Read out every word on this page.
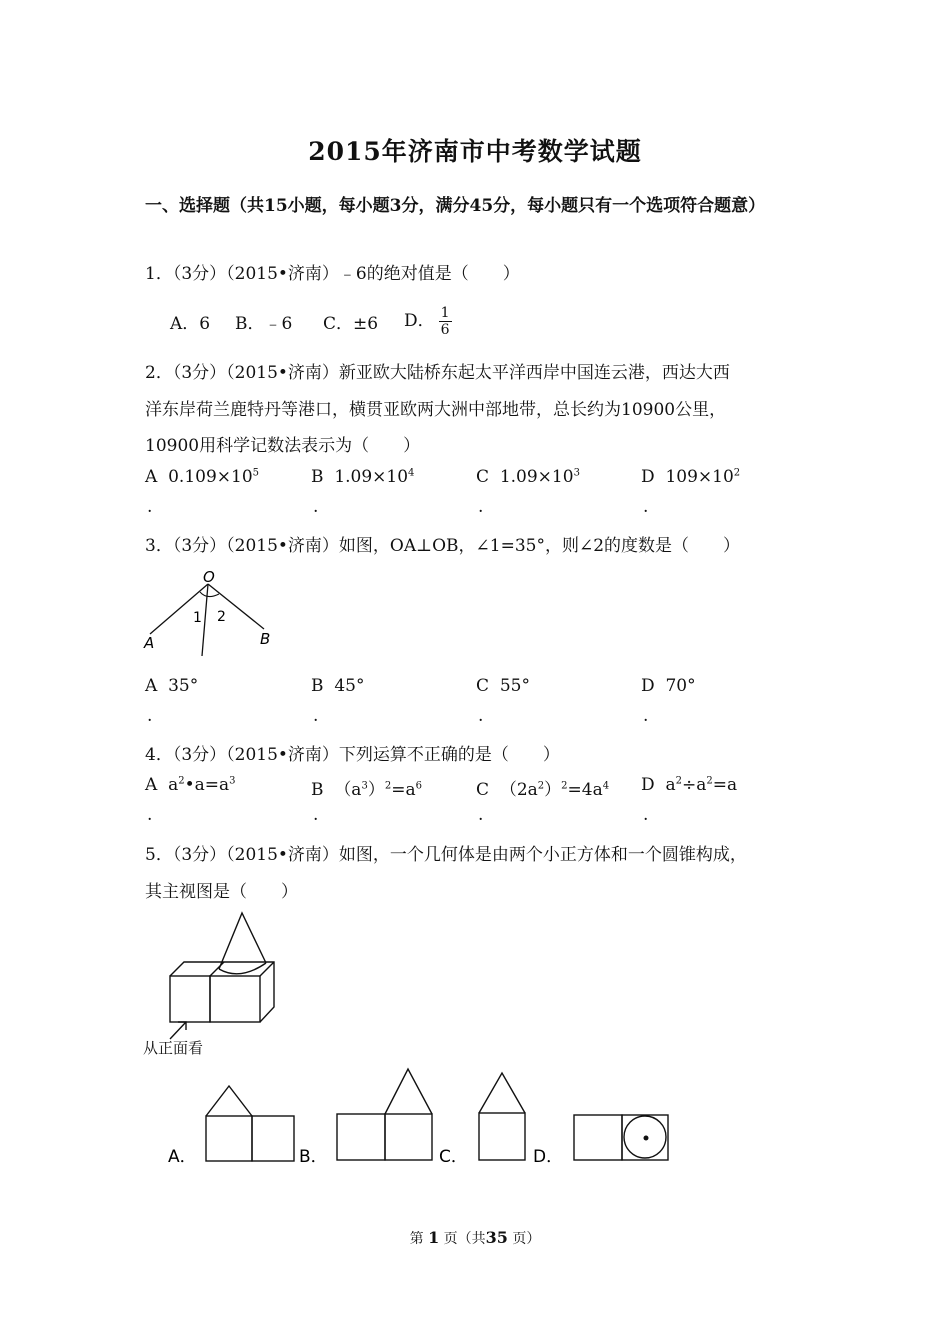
2015年济南市中考数学试题
一、选择题（共15小题，每小题3分，满分45分，每小题只有一个选项符合题意）
1．（3分）（2015•济南）﹣6的绝对值是（　　）
A．6 B．﹣6 C．±6 D． $\frac{1}{6}$
2．（3分）（2015•济南）新亚欧大陆桥东起太平洋西岸中国连云港，西达大西
洋东岸荷兰鹿特丹等港口，横贯亚欧两大洲中部地带，总长约为10900公里，
10900用科学记数法表示为（　　）
A $0.109\times 10^5$	B $1.09\times 10^4$	C $1.09\times 10^3$	D $109\times 10^2$
.	.	.	.
3．（3分）（2015•济南）如图，OA⊥OB，∠1=35°，则∠2的度数是（　　）
O
A	B
1 2
A 35°	B 45°	C 55°	D 70°
.	.	.	.
4．（3分）（2015•济南）下列运算不正确的是（　　）
A $a^2•a=a^3$	B $(a^3)^2=a^6$	C $(2a^2)^2=4a^4$ D $a^2\div a^2=a$
.	.	.	.
5．（3分）（2015•济南）如图，一个几何体是由两个小正方体和一个圆锥构成，
其主视图是（　　）
从正面看
A．	B．	C．	D．
第 1 页（共35 页）
